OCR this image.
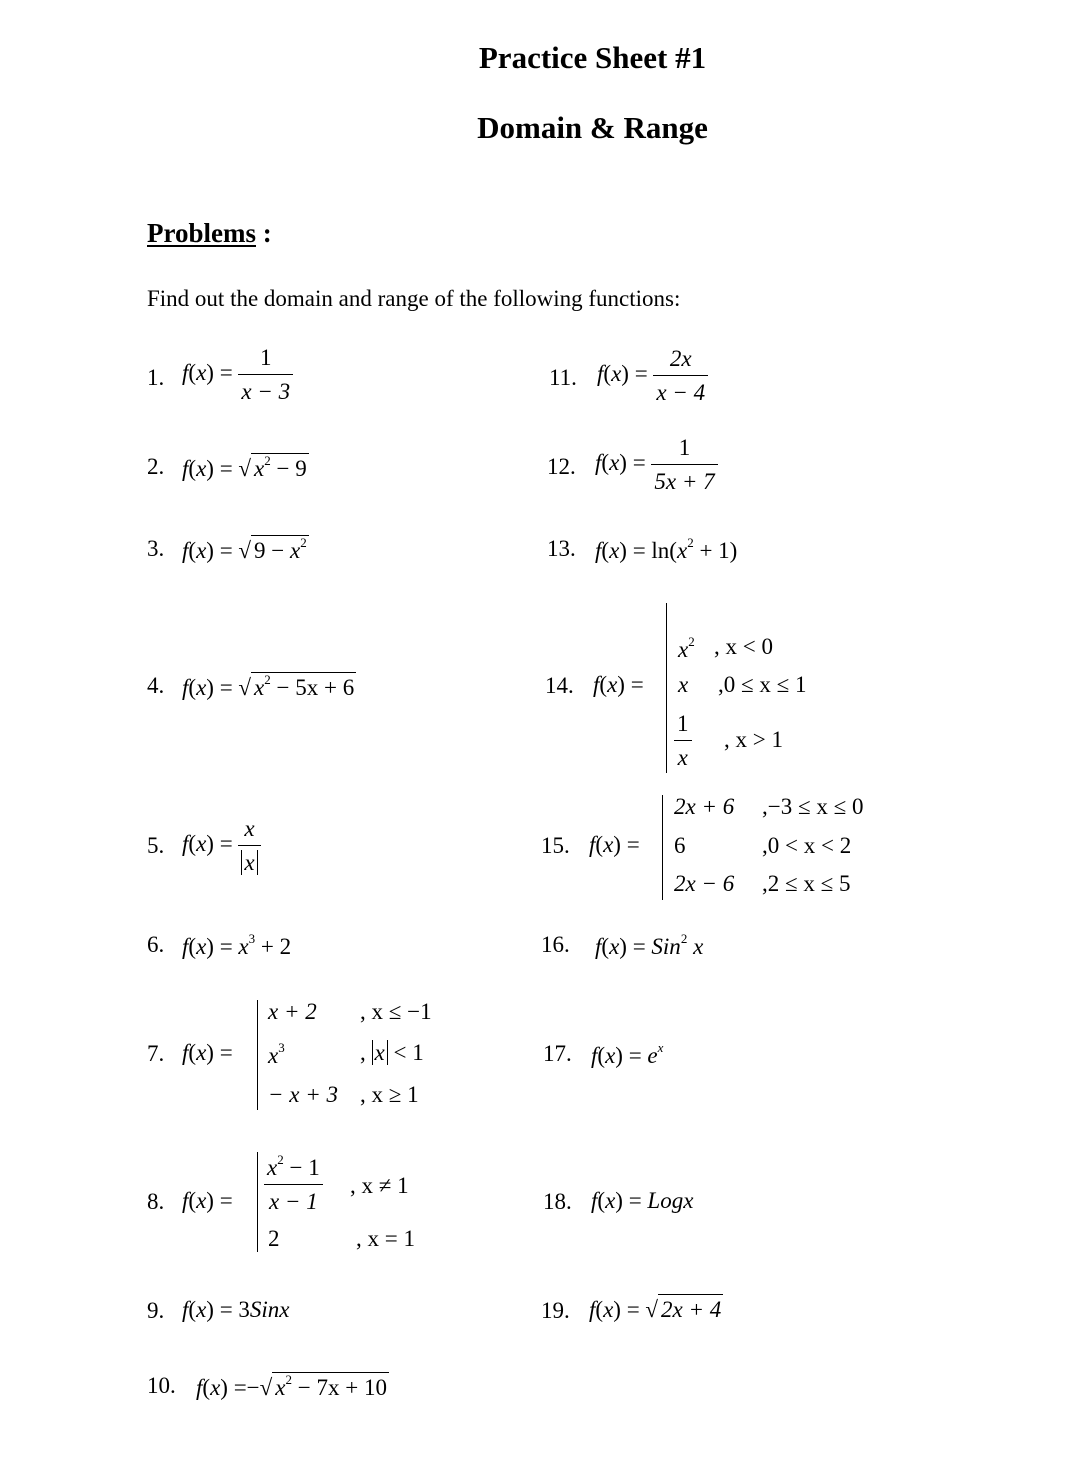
Practice Sheet #1
Domain & Range
Problems :
Find out the domain and range of the following functions:
1. $f(x) = \frac{1}{x - 3}$
2. f(x) = √ $x^2 - 9$
3. f(x) = √ $9 - x^2$
4. f(x) = √ $x^2 - 5x + 6$
5. $f(x) = \frac{x}{x}$
6. $f(x) = x^3 + 2$
7. f(x) =
x + 2 , x ≤ −1
$x^3$	, x < 1
− x + 3 , x ≥ 1
8. $f(x) = \frac{x^2 - 1}{x - 1}$ , x ≠ 1
2	, x = 1
9. f(x) = 3Sinx
10. f(x) =−√ $x^2 - 7x + 10$
11. $f(x) = \frac{2x}{x - 4}$
12. $f(x) = \frac{1}{5x + 7}$
13. $f(x) = \ln(x^2 + 1)$
14. f(x) =
$x^2$ , x < 0
x ,0 ≤ x ≤ 1
$\frac{1}{x}$ , x > 1
15. f(x) =
2x + 6 ,−3 ≤ x ≤ 0
6	,0 < x < 2
2x − 6 ,2 ≤ x ≤ 5
16. f(x) = Sin$^2$ x
17. $f(x) = e^x$
18. f(x) = Logx
19. f(x) = √ 2x + 4
